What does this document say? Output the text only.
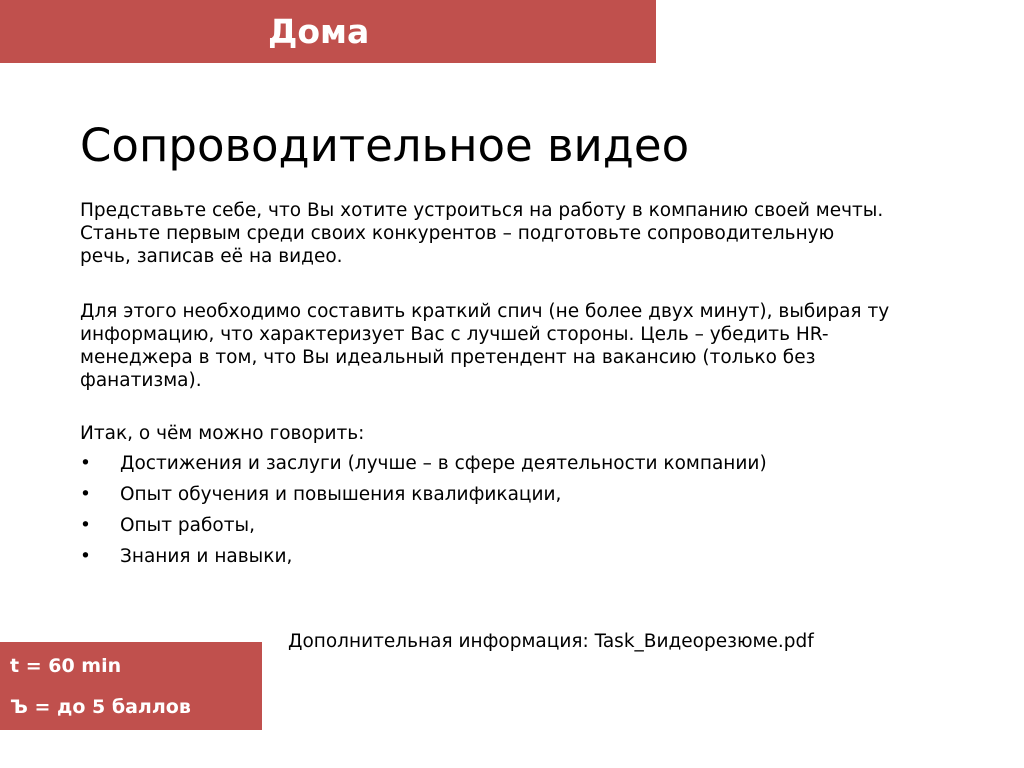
Дома
Сопроводительное видео
Представьте себе, что Вы хотите устроиться на работу в компанию своей мечты.
Станьте первым среди своих конкурентов – подготовьте сопроводительную
речь, записав её на видео.
Для этого необходимо составить краткий спич (не более двух минут), выбирая ту
информацию, что характеризует Вас с лучшей стороны. Цель – убедить HR-
менеджера в том, что Вы идеальный претендент на вакансию (только без
фанатизма).
Итак, о чём можно говорить:
• Достижения и заслуги (лучше – в сфере деятельности компании)
• Опыт обучения и повышения квалификации,
• Опыт работы,
• Знания и навыки,
Дополнительная информация: Task_Видеорезюме.pdf
t = 60 min
Ъ = до 5 баллов
